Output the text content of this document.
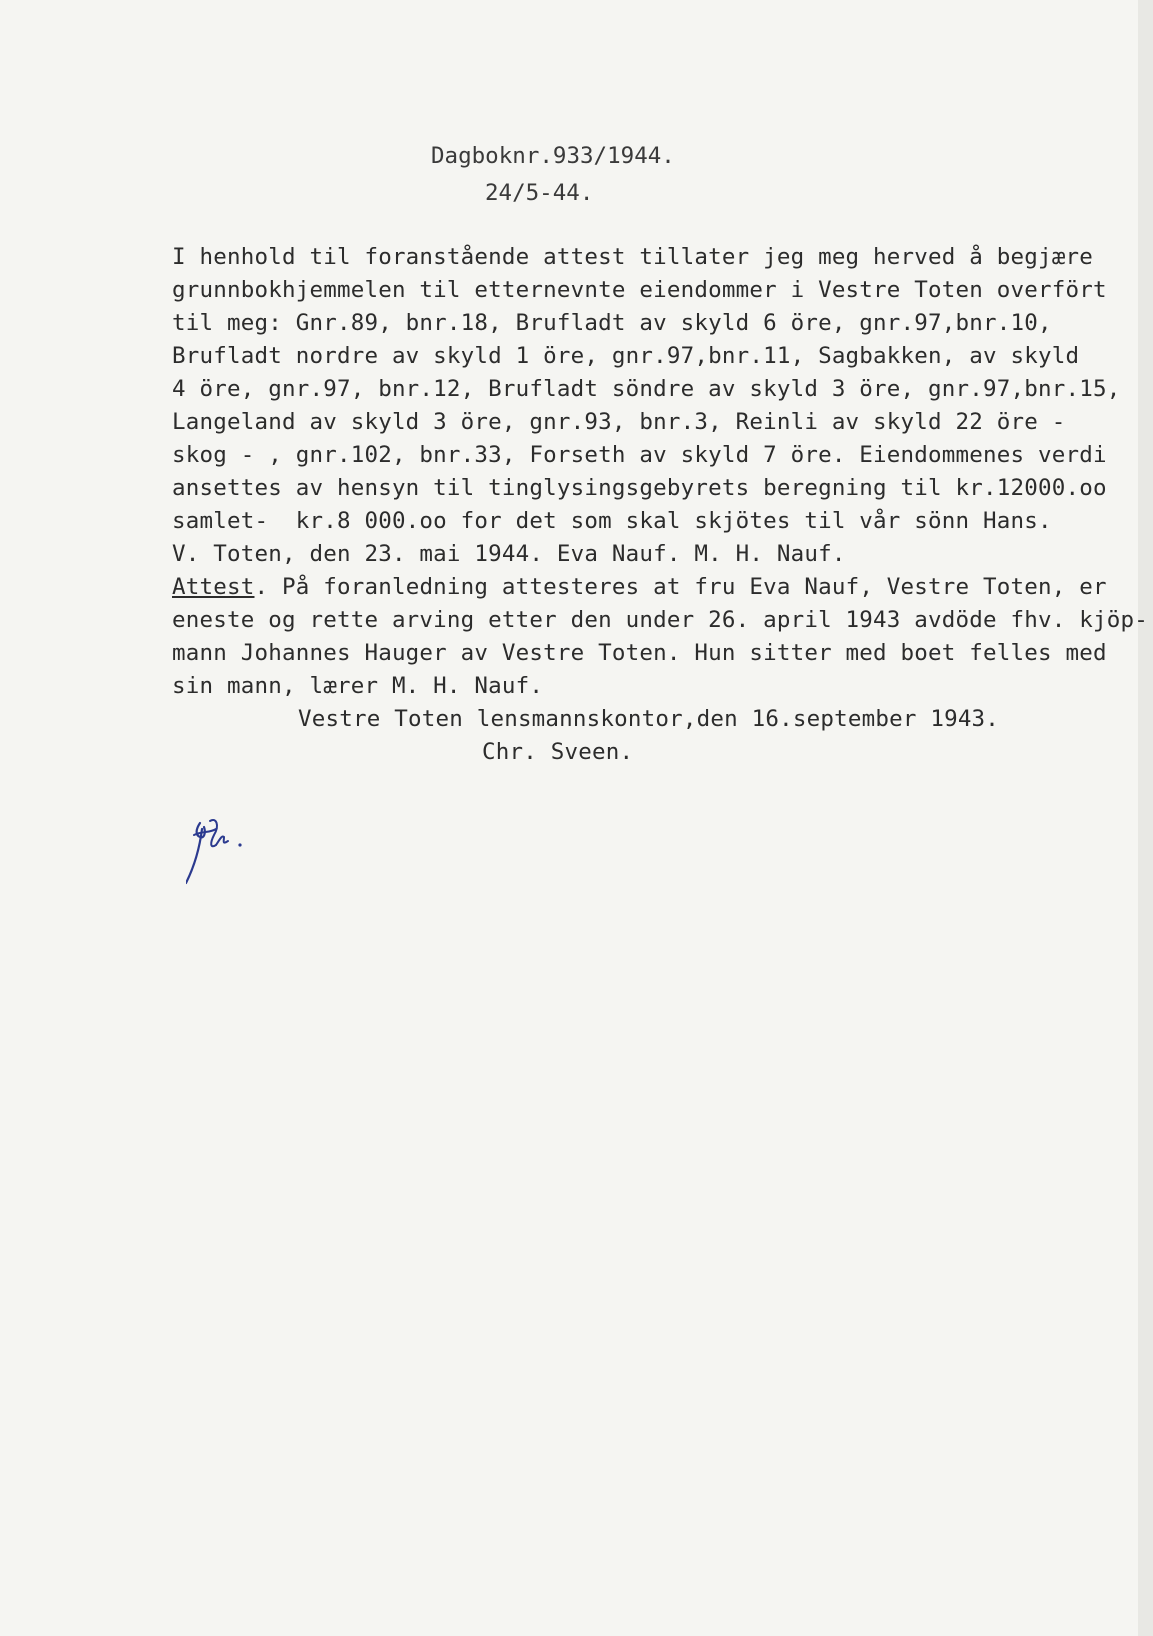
Dagboknr.933/1944.
24/5-44.
I henhold til foranstående attest tillater jeg meg herved å begjære
grunnbokhjemmelen til etternevnte eiendommer i Vestre Toten overfört
til meg: Gnr.89, bnr.18, Brufladt av skyld 6 öre, gnr.97,bnr.10,
Brufladt nordre av skyld 1 öre, gnr.97,bnr.11, Sagbakken, av skyld
4 öre, gnr.97, bnr.12, Brufladt söndre av skyld 3 öre, gnr.97,bnr.15,
Langeland av skyld 3 öre, gnr.93, bnr.3, Reinli av skyld 22 öre -
skog - , gnr.102, bnr.33, Forseth av skyld 7 öre. Eiendommenes verdi
ansettes av hensyn til tinglysingsgebyrets beregning til kr.12000.oo
samlet-  kr.8 000.oo for det som skal skjötes til vår sönn Hans.
V. Toten, den 23. mai 1944. Eva Nauf. M. H. Nauf.
Attest. På foranledning attesteres at fru Eva Nauf, Vestre Toten, er
eneste og rette arving etter den under 26. april 1943 avdöde fhv. kjöp-
mann Johannes Hauger av Vestre Toten. Hun sitter med boet felles med
sin mann, lærer M. H. Nauf.
Vestre Toten lensmannskontor,den 16.september 1943.
Chr. Sveen.
